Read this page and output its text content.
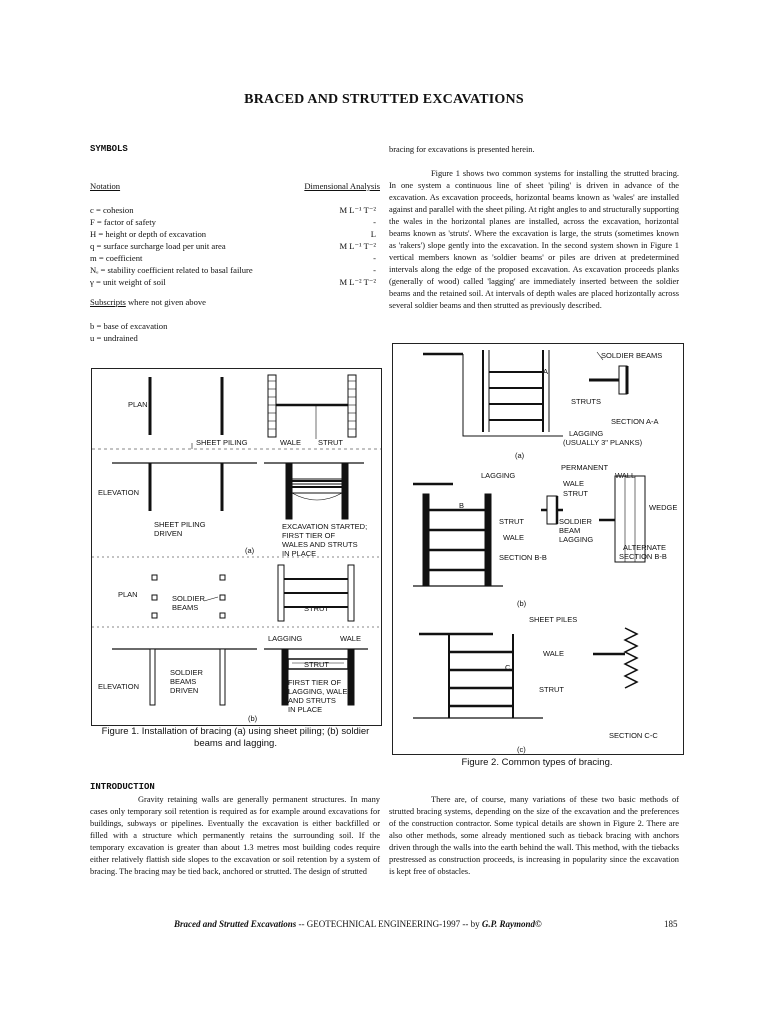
BRACED AND STRUTTED EXCAVATIONS
SYMBOLS
Notation	Dimensional Analysis
c = cohesion	M L⁻¹ T⁻²
F = factor of safety	-
H = height or depth of excavation	L
q = surface surcharge load per unit area	M L⁻¹ T⁻²
m = coefficient	-
Nₑ = stability coefficient related to basal failure	-
γ = unit weight of soil	M L⁻² T⁻²
Subscripts where not given above
b = base of excavation
u = undrained
bracing for excavations is presented herein.
Figure 1 shows two common systems for installing the strutted bracing. In one system a continuous line of sheet 'piling' is driven in advance of the excavation. As excavation proceeds, horizontal beams known as 'wales' are installed against and parallel with the sheet piling. At right angles to and structurally supporting the wales in the horizontal planes are installed, across the excavation, horizontal beams known as 'struts'. Where the excavation is large, the struts (sometimes known as 'rakers') slope gently into the excavation. In the second system shown in Figure 1 vertical members known as 'soldier beams' or piles are driven at predetermined intervals along the edge of the proposed excavation. As excavation proceeds planks (generally of wood) called 'lagging' are immediately inserted between the soldier beams and the retained soil. At intervals of depth wales are placed horizontally across several soldier beams and then strutted as previously described.
PLAN
SHEET PILING	WALE STRUT
ELEVATION
SHEET PILING
DRIVEN
EXCAVATION STARTED;
FIRST TIER OF
WALES AND STRUTS
IN PLACE
(a)
PLAN	SOLDIER
BEAMS	STRUT
LAGGING	WALE
ELEVATION
SOLDIER
BEAMS
DRIVEN
STRUT
FIRST TIER OF
LAGGING, WALES
AND STRUTS
IN PLACE
(b)
Figure 1. Installation of bracing (a) using sheet piling; (b) soldier beams and lagging.
SOLDIER BEAMS
A
STRUTS
SECTION A-A
LAGGING
(USUALLY 3" PLANKS)
(a)
PERMANENT
WALL
LAGGING
WALE
STRUT
WEDGE
B
STRUT	SOLDIER
BEAM
WALE	LAGGING
SECTION B-B
ALTERNATE
SECTION B-B
(b)
SHEET PILES
WALE
C
STRUT
SECTION C-C
(c)
Figure 2. Common types of bracing.
INTRODUCTION
Gravity retaining walls are generally permanent structures. In many cases only temporary soil retention is required as for example around excavations for buildings, subways or pipelines. Eventually the excavation is either backfilled or filled with a structure which permanently retains the surrounding soil. If the temporary excavation is greater than about 1.3 metres most building codes require either relatively flattish side slopes to the excavation or soil retention by a system of bracing. The bracing may be tied back, anchored or strutted. The design of strutted
There are, of course, many variations of these two basic methods of strutted bracing systems, depending on the size of the excavation and the preferences of the construction contractor. Some typical details are shown in Figure 2. There are also other methods, some already mentioned such as tieback bracing with anchors driven through the walls into the earth behind the wall. This method, with the tiebacks prestressed as construction proceeds, is increasing in popularity since the excavation is kept free of obstacles.
Braced and Strutted Excavations -- GEOTECHNICAL ENGINEERING-1997 -- by G.P. Raymond©	185
